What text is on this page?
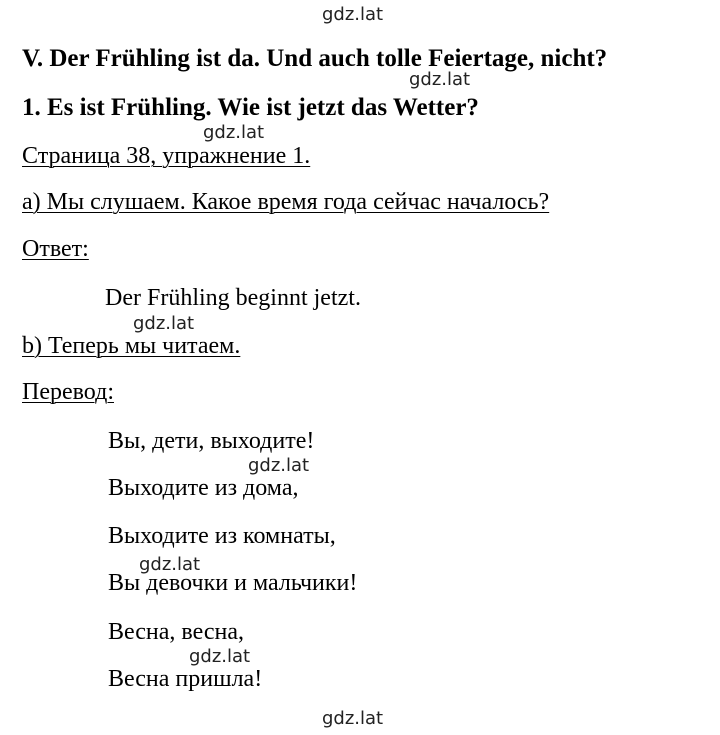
V. Der Frühling ist da. Und auch tolle Feiertage, nicht?
1. Es ist Frühling. Wie ist jetzt das Wetter?
Страница 38, упражнение 1.
a) Мы слушаем. Какое время года сейчас началось?
Ответ:
Der Frühling beginnt jetzt.
b) Теперь мы читаем.
Перевод:
Вы, дети, выходите!
Выходите из дома,
Выходите из комнаты,
Вы девочки и мальчики!
Весна, весна,
Весна пришла!
gdz.lat
gdz.lat
gdz.lat
gdz.lat
gdz.lat
gdz.lat
gdz.lat
gdz.lat
